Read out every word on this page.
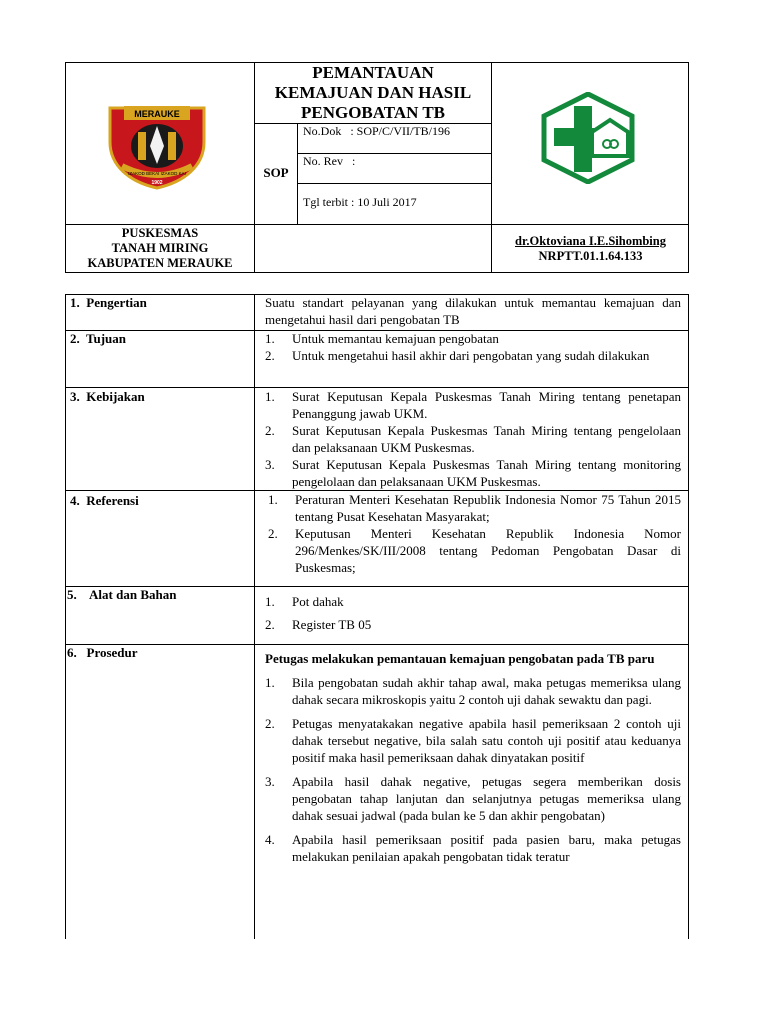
MERAUKE
IZAKOD BEKAI IZAKOD KAI
1902
PEMANTAUAN
KEMAJUAN DAN HASIL
PENGOBATAN TB
SOP
No.Dok   : SOP/C/VII/TB/196
No. Rev   :
Tgl terbit : 10 Juli 2017
PUSKESMAS
TANAH MIRING
KABUPATEN MERAUKE
dr.Oktoviana I.E.Sihombing
NRPTT.01.1.64.133
1.  Pengertian	Suatu standart pelayanan yang dilakukan untuk memantau kemajuan dan mengetahui hasil dari pengobatan TB
2.  Tujuan	1. Untuk memantau kemajuan pengobatan
2. Untuk mengetahui hasil akhir dari pengobatan yang sudah dilakukan
3.  Kebijakan	1. Surat Keputusan Kepala Puskesmas Tanah Miring tentang penetapan Penanggung jawab UKM.
2. Surat Keputusan Kepala Puskesmas Tanah Miring tentang pengelolaan dan pelaksanaan UKM Puskesmas.
3. Surat Keputusan Kepala Puskesmas Tanah Miring tentang monitoring pengelolaan dan pelaksanaan UKM Puskesmas.
4.  Referensi	1. Peraturan Menteri Kesehatan Republik Indonesia Nomor 75 Tahun 2015 tentang Pusat Kesehatan Masyarakat;
2. Keputusan Menteri Kesehatan Republik Indonesia Nomor 296/Menkes/SK/III/2008 tentang Pedoman Pengobatan Dasar di Puskesmas;
5.    Alat dan Bahan	1. Pot dahak
2. Register TB 05
6.   Prosedur	Petugas melakukan pemantauan kemajuan pengobatan pada TB paru
1. Bila pengobatan sudah akhir tahap awal, maka petugas memeriksa ulang dahak secara mikroskopis yaitu 2 contoh uji dahak sewaktu dan pagi.
2. Petugas menyatakakan negative apabila hasil pemeriksaan 2 contoh uji dahak tersebut negative, bila salah satu contoh uji positif atau keduanya positif maka hasil pemeriksaan dahak dinyatakan positif
3. Apabila hasil dahak negative, petugas segera memberikan dosis pengobatan tahap lanjutan dan selanjutnya petugas memeriksa ulang dahak sesuai jadwal (pada bulan ke 5 dan akhir pengobatan)
4. Apabila hasil pemeriksaan positif pada pasien baru, maka petugas melakukan penilaian apakah pengobatan tidak teratur
